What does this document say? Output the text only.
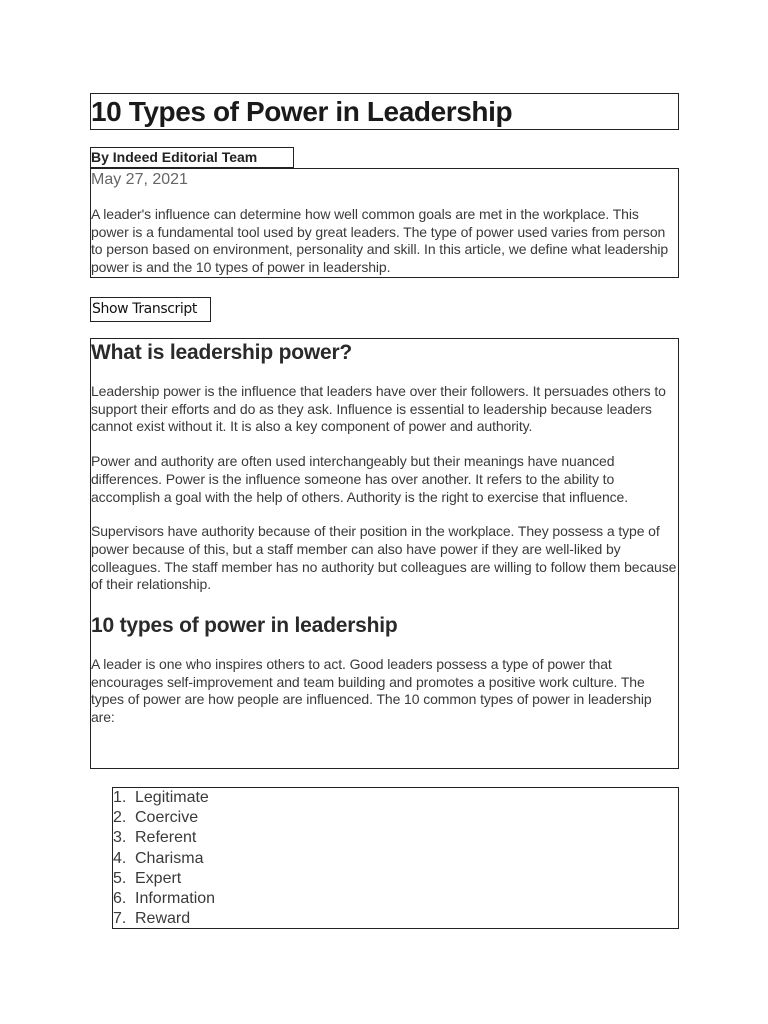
10 Types of Power in Leadership
By Indeed Editorial Team
May 27, 2021

A leader's influence can determine how well common goals are met in the workplace. This power is a fundamental tool used by great leaders. The type of power used varies from person to person based on environment, personality and skill. In this article, we define what leadership power is and the 10 types of power in leadership.

Show Transcript
What is leadership power?

Leadership power is the influence that leaders have over their followers. It persuades others to support their efforts and do as they ask. Influence is essential to leadership because leaders cannot exist without it. It is also a key component of power and authority.

Power and authority are often used interchangeably but their meanings have nuanced differences. Power is the influence someone has over another. It refers to the ability to accomplish a goal with the help of others. Authority is the right to exercise that influence.

Supervisors have authority because of their position in the workplace. They possess a type of power because of this, but a staff member can also have power if they are well-liked by colleagues. The staff member has no authority but colleagues are willing to follow them because of their relationship.

10 types of power in leadership

A leader is one who inspires others to act. Good leaders possess a type of power that encourages self-improvement and team building and promotes a positive work culture. The types of power are how people are influenced. The 10 common types of power in leadership are:

1. Legitimate
2. Coercive
3. Referent
4. Charisma
5. Expert
6. Information
7. Reward
